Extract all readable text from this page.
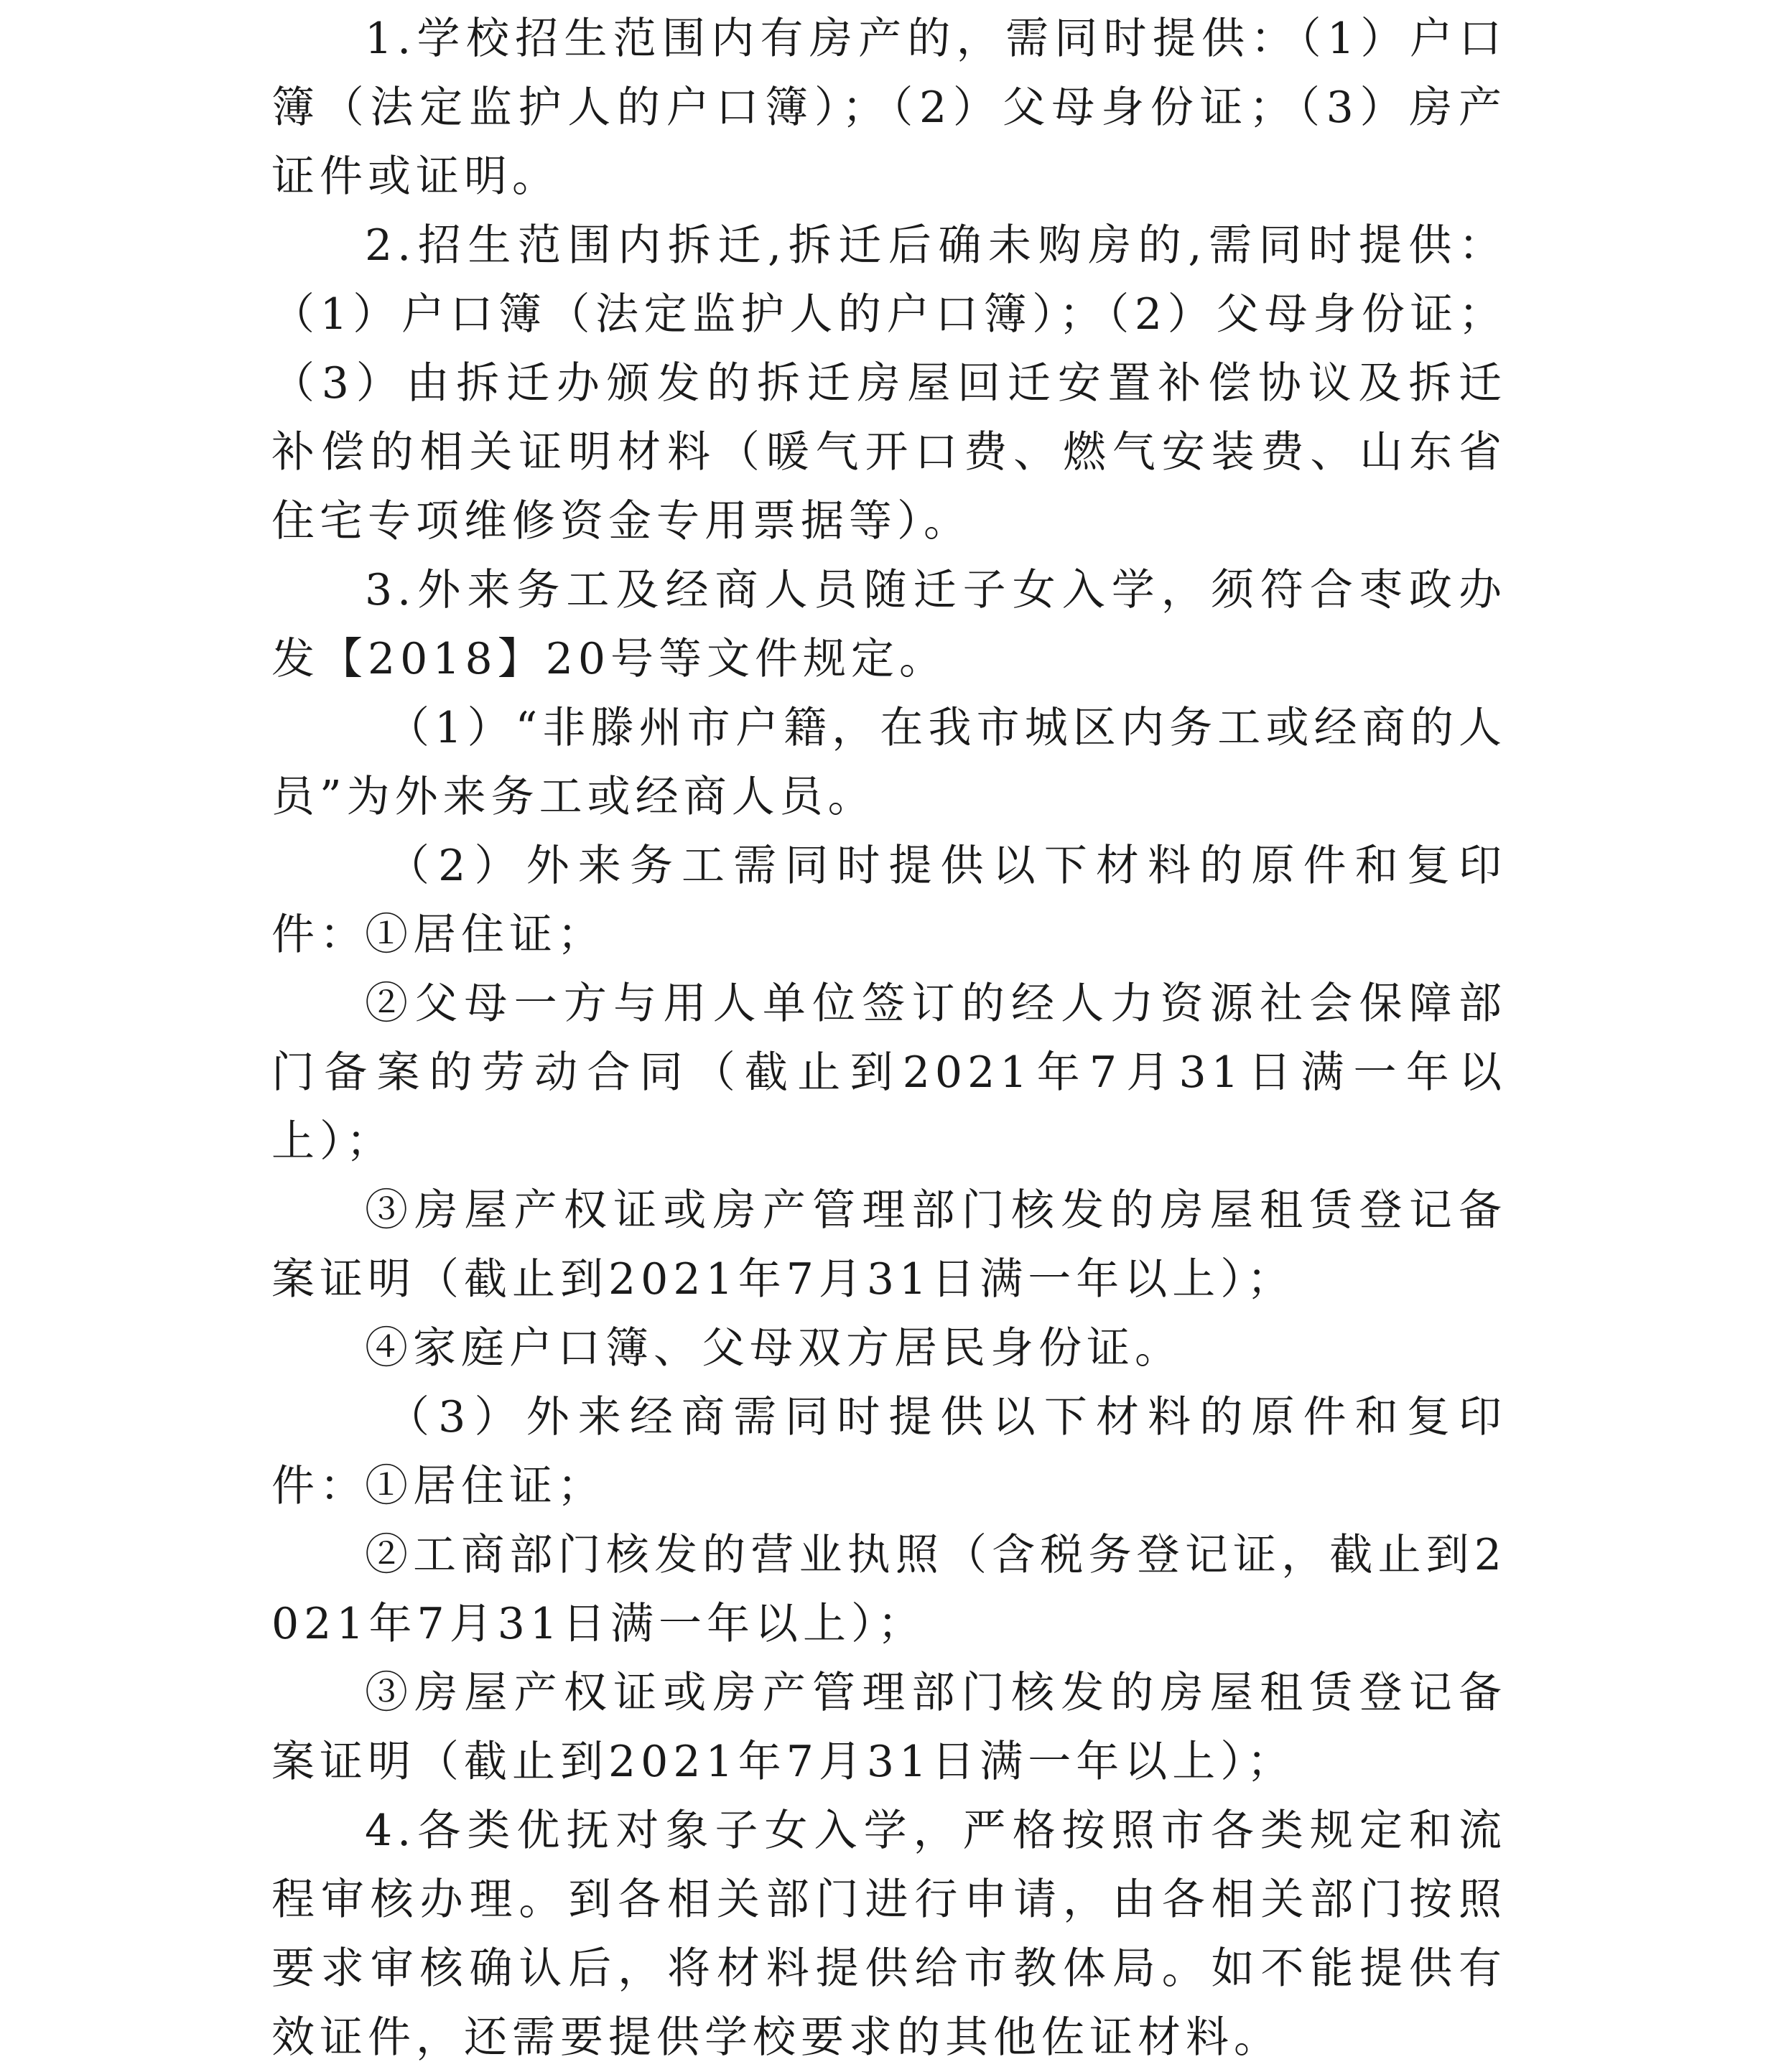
1.学校招生范围内有房产的，需同时提供：（1）户口簿（法定监护人的户口簿）；（2）父母身份证；（3）房产证件或证明。

2.招生范围内拆迁,拆迁后确未购房的,需同时提供：（1）户口簿（法定监护人的户口簿）；（2）父母身份证；（3）由拆迁办颁发的拆迁房屋回迁安置补偿协议及拆迁补偿的相关证明材料（暖气开口费、燃气安装费、山东省住宅专项维修资金专用票据等）。

3.外来务工及经商人员随迁子女入学，须符合枣政办发【2018】20号等文件规定。

（1）“非滕州市户籍，在我市城区内务工或经商的人员”为外来务工或经商人员。

（2）外来务工需同时提供以下材料的原件和复印件：

①居住证；

②父母一方与用人单位签订的经人力资源社会保障部门备案的劳动合同（截止到2021年7月31日满一年以上）；

③房屋产权证或房产管理部门核发的房屋租赁登记备案证明（截止到2021年7月31日满一年以上）；

④家庭户口簿、父母双方居民身份证。

（3）外来经商需同时提供以下材料的原件和复印件：

①居住证；

②工商部门核发的营业执照（含税务登记证，截止到2021年7月31日满一年以上）；

③房屋产权证或房产管理部门核发的房屋租赁登记备案证明（截止到2021年7月31日满一年以上）；

4.各类优抚对象子女入学，严格按照市各类规定和流程审核办理。到各相关部门进行申请，由各相关部门按照要求审核确认后，将材料提供给市教体局。如不能提供有效证件，还需要提供学校要求的其他佐证材料。
